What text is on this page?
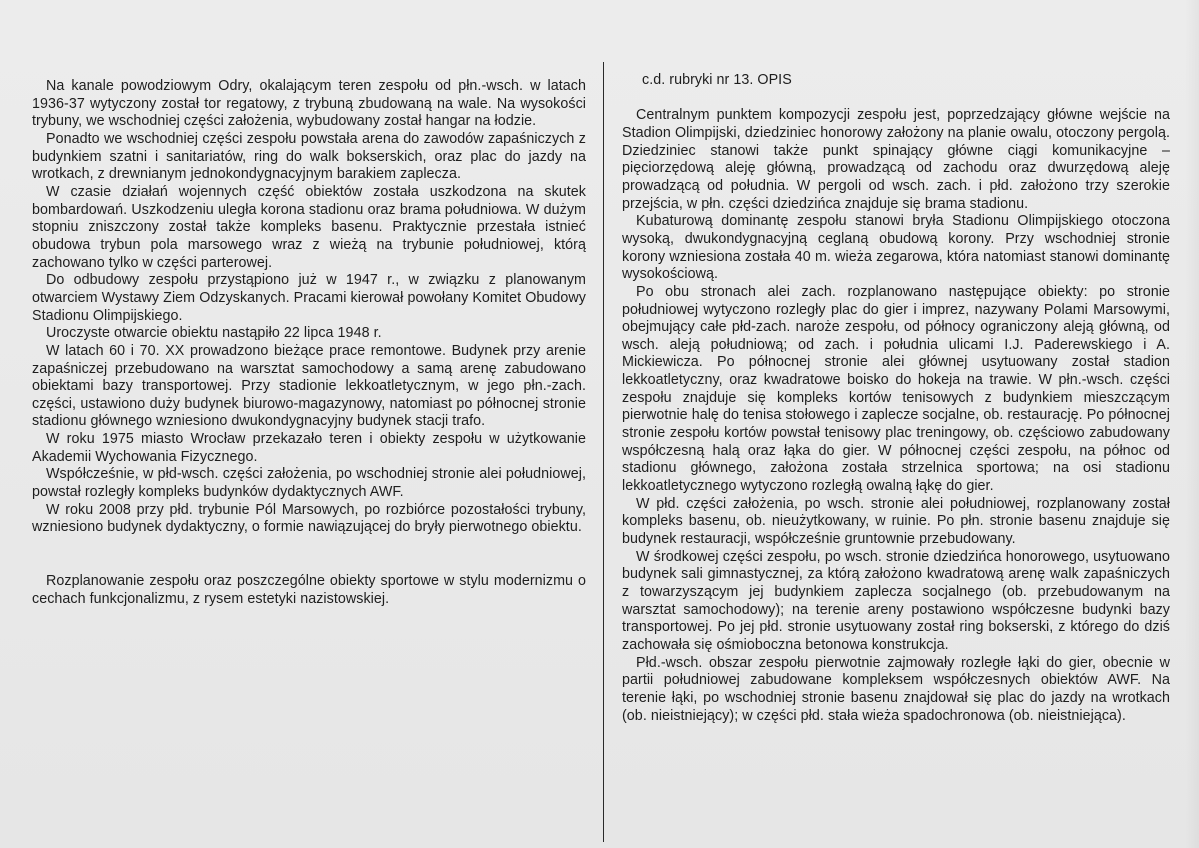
Na kanale powodziowym Odry, okalającym teren zespołu od płn.-wsch. w latach 1936-37 wytyczony został tor regatowy, z trybuną zbudowaną na wale. Na wysokości trybuny, we wschodniej części założenia, wybudowany został hangar na łodzie.

Ponadto we wschodniej części zespołu powstała arena do zawodów zapaśniczych z budynkiem szatni i sanitariatów, ring do walk bokserskich, oraz plac do jazdy na wrotkach, z drewnianym jednokondygnacyjnym barakiem zaplecza.

W czasie działań wojennych część obiektów została uszkodzona na skutek bombardowań. Uszkodzeniu uległa korona stadionu oraz brama południowa. W dużym stopniu zniszczony został także kompleks basenu. Praktycznie przestała istnieć obudowa trybun pola marsowego wraz z wieżą na trybunie południowej, którą zachowano tylko w części parterowej.

Do odbudowy zespołu przystąpiono już w 1947 r., w związku z planowanym otwarciem Wystawy Ziem Odzyskanych. Pracami kierował powołany Komitet Obudowy Stadionu Olimpijskiego.

Uroczyste otwarcie obiektu nastąpiło 22 lipca 1948 r.

W latach 60 i 70. XX prowadzono bieżące prace remontowe. Budynek przy arenie zapaśniczej przebudowano na warsztat samochodowy a samą arenę zabudowano obiektami bazy transportowej. Przy stadionie lekkoatletycznym, w jego płn.-zach. części, ustawiono duży budynek biurowo-magazynowy, natomiast po północnej stronie stadionu głównego wzniesiono dwukondygnacyjny budynek stacji trafo.

W roku 1975 miasto Wrocław przekazało teren i obiekty zespołu w użytkowanie Akademii Wychowania Fizycznego.

Współcześnie, w płd-wsch. części założenia, po wschodniej stronie alei południowej, powstał rozległy kompleks budynków dydaktycznych AWF.

W roku 2008 przy płd. trybunie Pól Marsowych, po rozbiórce pozostałości trybuny, wzniesiono budynek dydaktyczny, o formie nawiązującej do bryły pierwotnego obiektu.

Rozplanowanie zespołu oraz poszczególne obiekty sportowe w stylu modernizmu o cechach funkcjonalizmu, z rysem estetyki nazistowskiej.

c.d. rubryki nr 13. OPIS

Centralnym punktem kompozycji zespołu jest, poprzedzający główne wejście na Stadion Olimpijski, dziedziniec honorowy założony na planie owalu, otoczony pergolą. Dziedziniec stanowi także punkt spinający główne ciągi komunikacyjne – pięciorzędową aleję główną, prowadzącą od zachodu oraz dwurzędową aleję prowadzącą od południa. W pergoli od wsch. zach. i płd. założono trzy szerokie przejścia, w płn. części dziedzińca znajduje się brama stadionu.

Kubaturową dominantę zespołu stanowi bryła Stadionu Olimpijskiego otoczona wysoką, dwukondygnacyjną ceglaną obudową korony. Przy wschodniej stronie korony wzniesiona została 40 m. wieża zegarowa, która natomiast stanowi dominantę wysokościową.

Po obu stronach alei zach. rozplanowano następujące obiekty: po stronie południowej wytyczono rozległy plac do gier i imprez, nazywany Polami Marsowymi, obejmujący całe płd-zach. naroże zespołu, od północy ograniczony aleją główną, od wsch. aleją południową; od zach. i południa ulicami I.J. Paderewskiego i A. Mickiewicza. Po północnej stronie alei głównej usytuowany został stadion lekkoatletyczny, oraz kwadratowe boisko do hokeja na trawie. W płn.-wsch. części zespołu znajduje się kompleks kortów tenisowych z budynkiem mieszczącym pierwotnie halę do tenisa stołowego i zaplecze socjalne, ob. restaurację. Po północnej stronie zespołu kortów powstał tenisowy plac treningowy, ob. częściowo zabudowany współczesną halą oraz łąka do gier. W północnej części zespołu, na północ od stadionu głównego, założona została strzelnica sportowa; na osi stadionu lekkoatletycznego wytyczono rozległą owalną łąkę do gier.

W płd. części założenia, po wsch. stronie alei południowej, rozplanowany został kompleks basenu, ob. nieużytkowany, w ruinie. Po płn. stronie basenu znajduje się budynek restauracji, współcześnie gruntownie przebudowany.

W środkowej części zespołu, po wsch. stronie dziedzińca honorowego, usytuowano budynek sali gimnastycznej, za którą założono kwadratową arenę walk zapaśniczych z towarzyszącym jej budynkiem zaplecza socjalnego (ob. przebudowanym na warsztat samochodowy); na terenie areny postawiono współczesne budynki bazy transportowej. Po jej płd. stronie usytuowany został ring bokserski, z którego do dziś zachowała się ośmioboczna betonowa konstrukcja.

Płd.-wsch. obszar zespołu pierwotnie zajmowały rozległe łąki do gier, obecnie w partii południowej zabudowane kompleksem współczesnych obiektów AWF. Na terenie łąki, po wschodniej stronie basenu znajdował się plac do jazdy na wrotkach (ob. nieistniejący); w części płd. stała wieża spadochronowa (ob. nieistniejąca).
